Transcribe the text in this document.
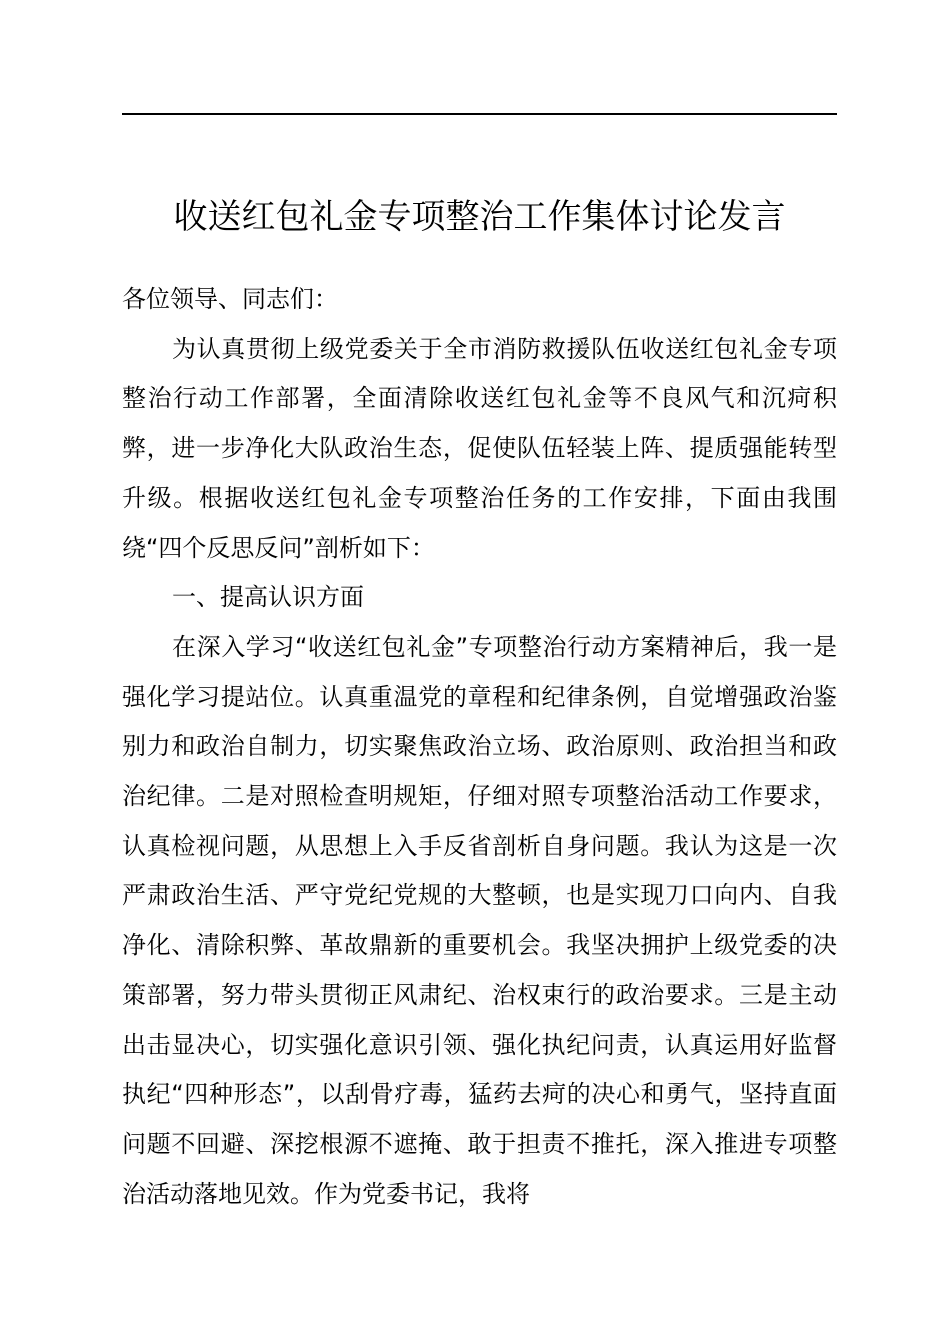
收送红包礼金专项整治工作集体讨论发言

各位领导、同志们：

为认真贯彻上级党委关于全市消防救援队伍收送红包礼金专项整治行动工作部署，全面清除收送红包礼金等不良风气和沉疴积弊，进一步净化大队政治生态，促使队伍轻装上阵、提质强能转型升级。根据收送红包礼金专项整治任务的工作安排，下面由我围绕“四个反思反问”剖析如下：

一、提高认识方面

在深入学习“收送红包礼金”专项整治行动方案精神后，我一是强化学习提站位。认真重温党的章程和纪律条例，自觉增强政治鉴别力和政治自制力，切实聚焦政治立场、政治原则、政治担当和政治纪律。二是对照检查明规矩，仔细对照专项整治活动工作要求，认真检视问题，从思想上入手反省剖析自身问题。我认为这是一次严肃政治生活、严守党纪党规的大整顿，也是实现刀口向内、自我净化、清除积弊、革故鼎新的重要机会。我坚决拥护上级党委的决策部署，努力带头贯彻正风肃纪、治权束行的政治要求。三是主动出击显决心，切实强化意识引领、强化执纪问责，认真运用好监督执纪“四种形态”，以刮骨疗毒，猛药去疴的决心和勇气，坚持直面问题不回避、深挖根源不遮掩、敢于担责不推托，深入推进专项整治活动落地见效。作为党委书记，我将
